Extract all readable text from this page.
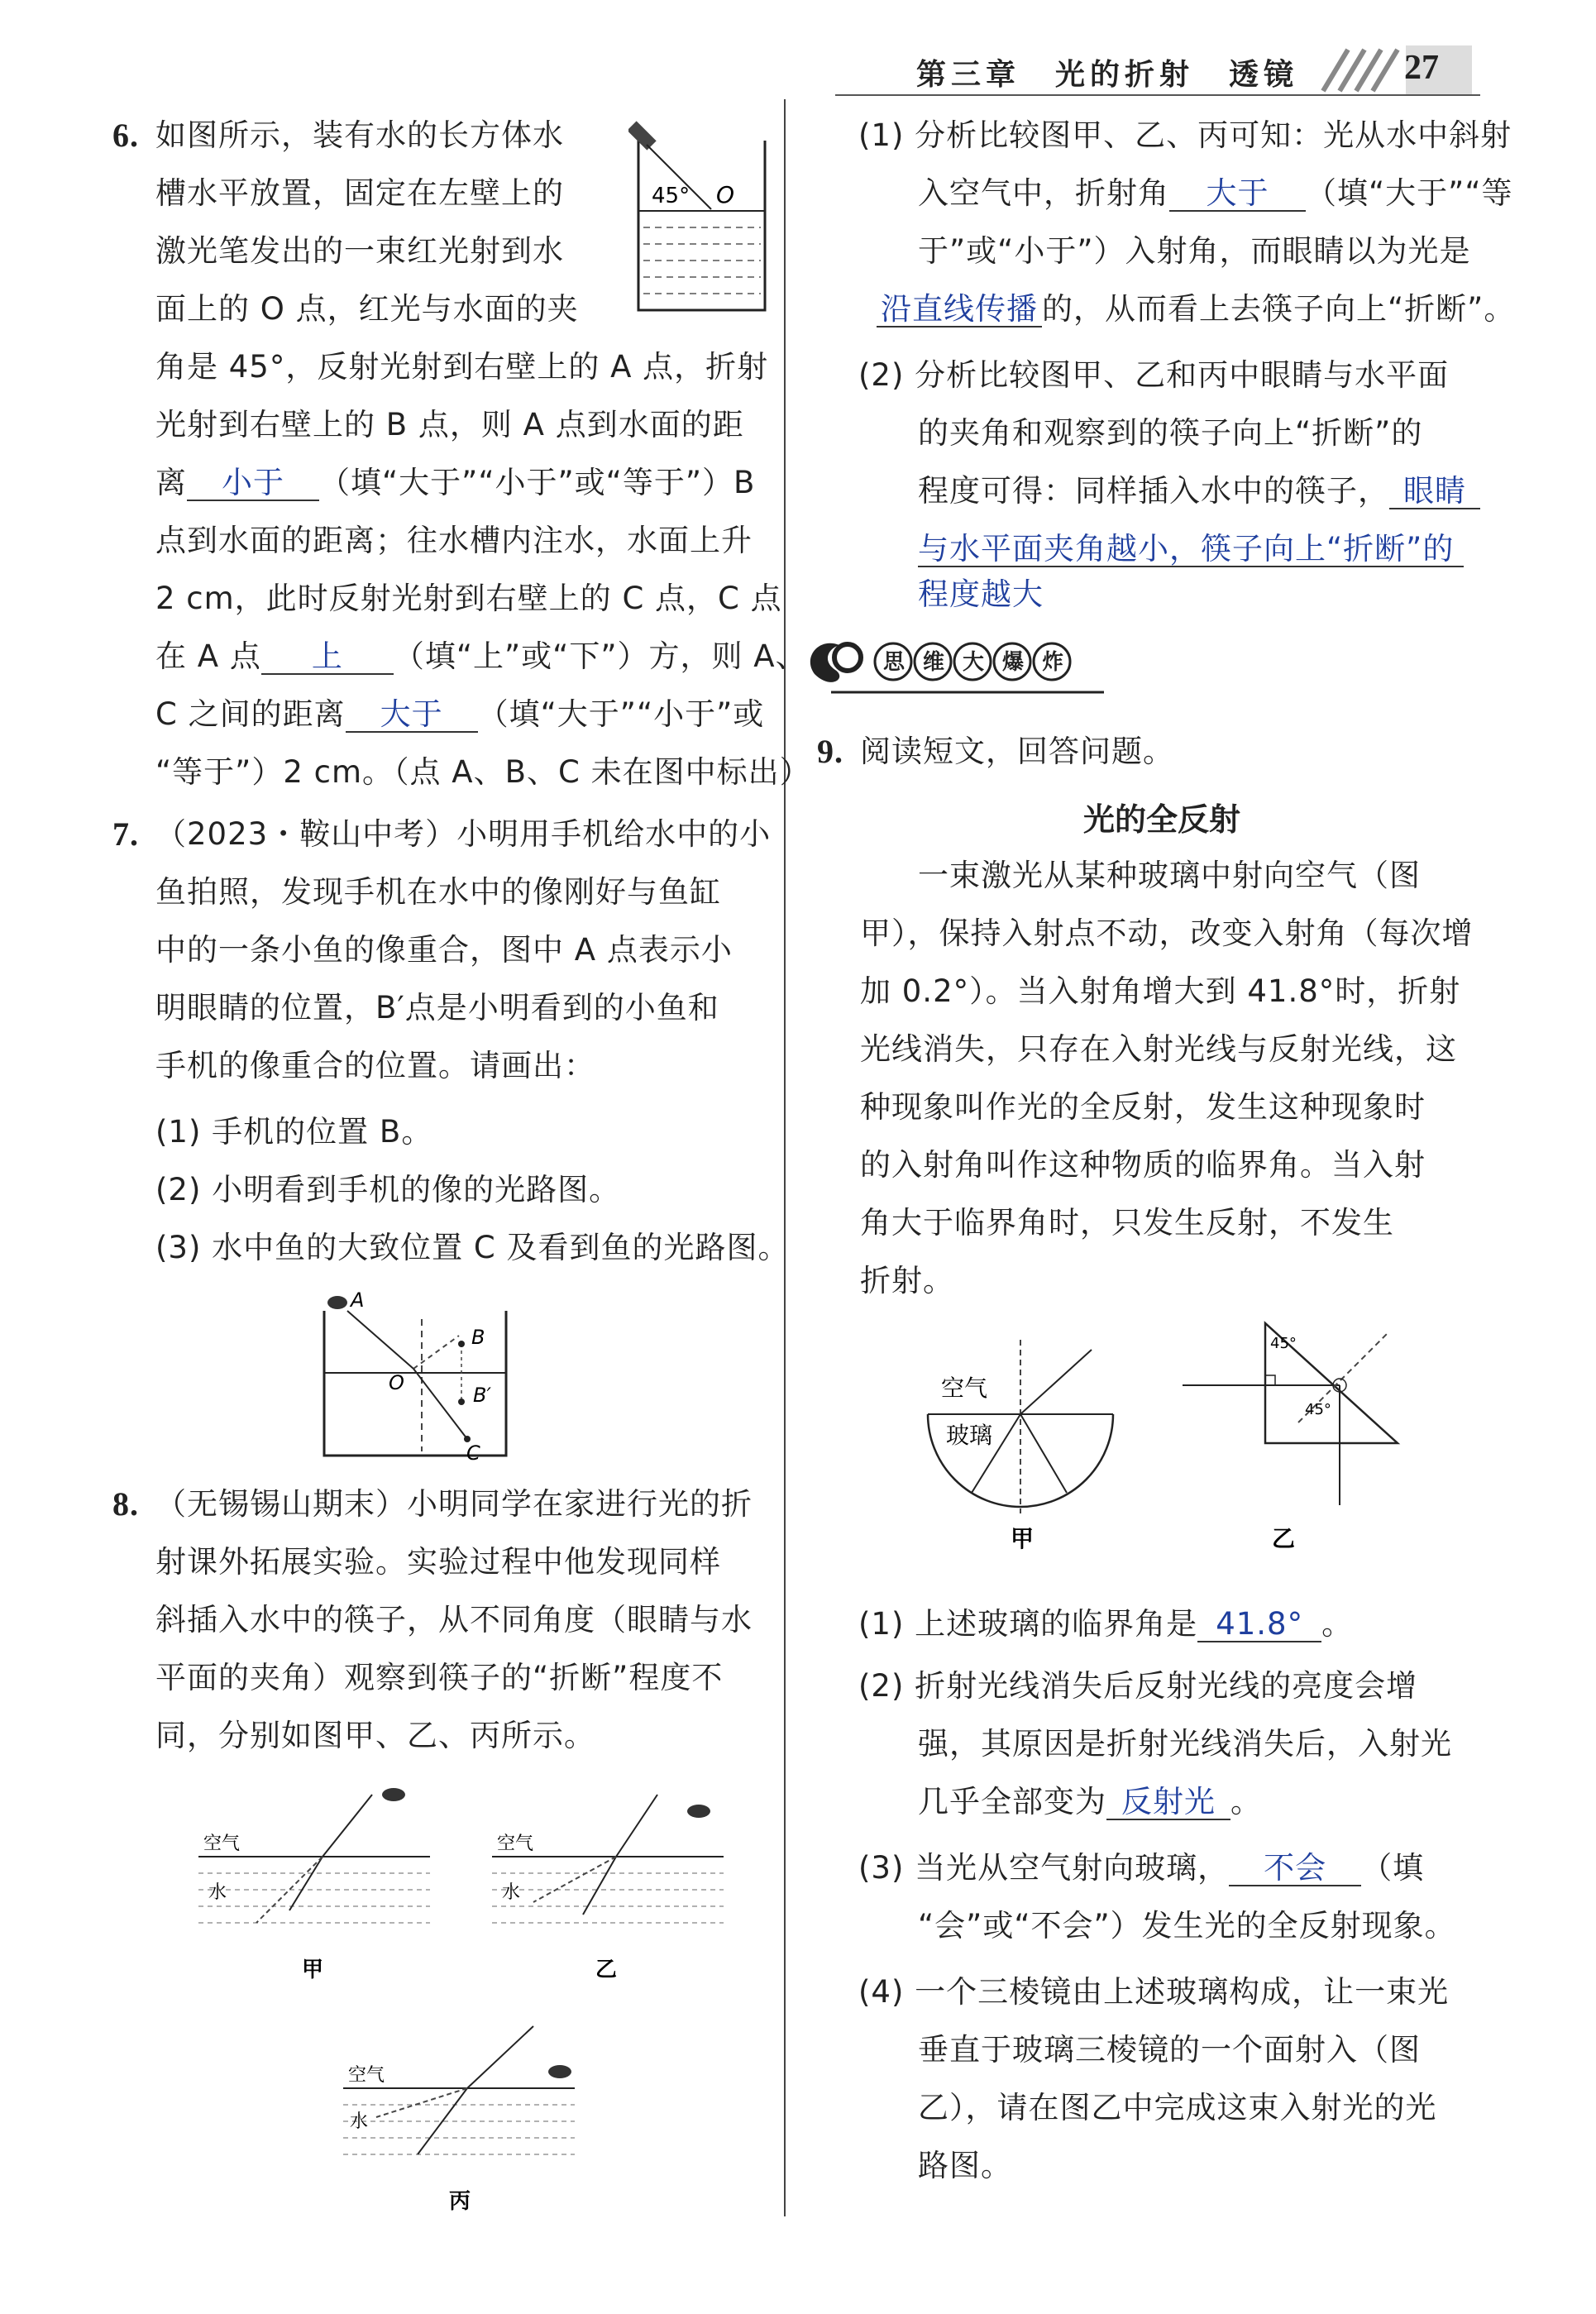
第三章　光的折射　透镜	27
6. 如图所示，装有水的长方体水
槽水平放置，固定在左壁上的
激光笔发出的一束红光射到水
面上的 O 点，红光与水面的夹
角是 45°，反射光射到右壁上的 A 点，折射
光射到右壁上的 B 点，则 A 点到水面的距
离 小于 （填“大于”“小于”或“等于”）B
点到水面的距离；往水槽内注水，水面上升
2 cm，此时反射光射到右壁上的 C 点，C 点
在 A 点 上 （填“上”或“下”）方，则 A、
C 之间的距离 大于 （填“大于”“小于”或
“等于”）2 cm。（点 A、B、C 未在图中标出）
45° O
7. （2023・鞍山中考）小明用手机给水中的小
鱼拍照，发现手机在水中的像刚好与鱼缸
中的一条小鱼的像重合，图中 A 点表示小
明眼睛的位置，B′点是小明看到的小鱼和
手机的像重合的位置。请画出：
(1) 手机的位置 B。
(2) 小明看到手机的像的光路图。
(3) 水中鱼的大致位置 C 及看到鱼的光路图。
A
B
O
B′
C
8. （无锡锡山期末）小明同学在家进行光的折
射课外拓展实验。实验过程中他发现同样
斜插入水中的筷子，从不同角度（眼睛与水
平面的夹角）观察到筷子的“折断”程度不
同，分别如图甲、乙、丙所示。
空气
水
甲
空气
水
乙
空气
水
丙
(1) 分析比较图甲、乙、丙可知：光从水中斜射
入空气中，折射角 大于 （填“大于”“等
于”或“小于”）入射角，而眼睛以为光是
沿直线传播 的，从而看上去筷子向上“折断”。
(2) 分析比较图甲、乙和丙中眼睛与水平面
的夹角和观察到的筷子向上“折断”的
程度可得：同样插入水中的筷子， 眼睛
与水平面夹角越小，筷子向上“折断”的
程度越大
思维大爆炸
9. 阅读短文，回答问题。
光的全反射
一束激光从某种玻璃中射向空气（图
甲），保持入射点不动，改变入射角（每次增
加 0.2°）。当入射角增大到 41.8°时，折射
光线消失，只存在入射光线与反射光线，这
种现象叫作光的全反射，发生这种现象时
的入射角叫作这种物质的临界角。当入射
角大于临界角时，只发生反射，不发生
折射。
空气
玻璃
甲
45°
45°
乙
(1) 上述玻璃的临界角是 41.8° 。
(2) 折射光线消失后反射光线的亮度会增
强，其原因是折射光线消失后，入射光
几乎全部变为 反射光 。
(3) 当光从空气射向玻璃， 不会 （填
“会”或“不会”）发生光的全反射现象。
(4) 一个三棱镜由上述玻璃构成，让一束光
垂直于玻璃三棱镜的一个面射入（图
乙），请在图乙中完成这束入射光的光
路图。
